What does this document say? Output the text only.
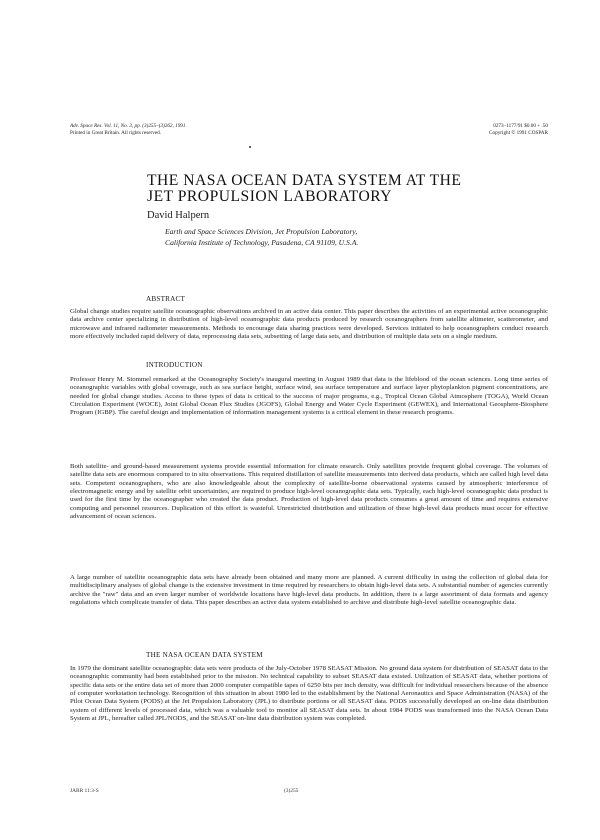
Adv. Space Res. Vol. 11, No. 3, pp. (3)255–(3)262, 1991
Printed in Great Britain. All rights reserved.
0273–1177/91 $0.00 + .50
Copyright © 1991 COSPAR
THE NASA OCEAN DATA SYSTEM AT THE
JET PROPULSION LABORATORY
David Halpern
Earth and Space Sciences Division, Jet Propulsion Laboratory,
California Institute of Technology, Pasadena, CA 91109, U.S.A.
ABSTRACT
Global change studies require satellite oceanographic observations archived in an active data center. This paper describes the activities of an experimental active oceanographic data archive center specializing in distribution of high-level oceanographic data products produced by research oceanographers from satellite altimeter, scatterometer, and microwave and infrared radiometer measurements. Methods to encourage data sharing practices were developed. Services initiated to help oceanographers conduct research more effectively included rapid delivery of data, reprocessing data sets, subsetting of large data sets, and distribution of multiple data sets on a single medium.
INTRODUCTION
Professor Henry M. Stommel remarked at the Oceanography Society's inaugural meeting in August 1989 that data is the lifeblood of the ocean sciences. Long time series of oceanographic variables with global coverage, such as sea surface height, surface wind, sea surface temperature and surface layer phytoplankton pigment concentrations, are needed for global change studies. Access to these types of data is critical to the success of major programs, e.g., Tropical Ocean Global Atmosphere (TOGA), World Ocean Circulation Experiment (WOCE), Joint Global Ocean Flux Studies (JGOFS), Global Energy and Water Cycle Experiment (GEWEX), and International Geosphere-Biosphere Program (IGBP). The careful design and implementation of information management systems is a critical element in these research programs.
Both satellite- and ground-based measurement systems provide essential information for climate research. Only satellites provide frequent global coverage. The volumes of satellite data sets are enormous compared to in situ observations. This required distillation of satellite measurements into derived data products, which are called high level data sets. Competent oceanographers, who are also knowledgeable about the complexity of satellite-borne observational systems caused by atmospheric interference of electromagnetic energy and by satellite orbit uncertainties, are required to produce high-level oceanographic data sets. Typically, each high-level oceanographic data product is used for the first time by the oceanographer who created the data product. Production of high-level data products consumes a great amount of time and requires extensive computing and personnel resources. Duplication of this effort is wasteful. Unrestricted distribution and utilization of these high-level data products must occur for effective advancement of ocean sciences.
A large number of satellite oceanographic data sets have already been obtained and many more are planned. A current difficulty in using the collection of global data for multidisciplinary analyses of global change is the extensive investment in time required by researchers to obtain high-level data sets. A substantial number of agencies currently archive the "raw" data and an even larger number of worldwide locations have high-level data products. In addition, there is a large assortment of data formats and agency regulations which complicate transfer of data. This paper describes an active data system established to archive and distribute high-level satellite oceanographic data.
THE NASA OCEAN DATA SYSTEM
In 1979 the dominant satellite oceanographic data sets were products of the July-October 1978 SEASAT Mission. No ground data system for distribution of SEASAT data to the oceanographic community had been established prior to the mission. No technical capability to subset SEASAT data existed. Utilization of SEASAT data, whether portions of specific data sets or the entire data set of more than 2000 computer compatible tapes of 6250 bits per inch density, was difficult for individual researchers because of the absence of computer workstation technology. Recognition of this situation in about 1980 led to the establishment by the National Aeronautics and Space Administration (NASA) of the Pilot Ocean Data System (PODS) at the Jet Propulsion Laboratory (JPL) to distribute portions or all SEASAT data. PODS successfully developed an on-line data distribution system of different levels of processed data, which was a valuable tool to monitor all SEASAT data sets. In about 1984 PODS was transformed into the NASA Ocean Data System at JPL, hereafter called JPL/NODS, and the SEASAT on-line data distribution system was completed.
JARR 11:3-S	(3)255
